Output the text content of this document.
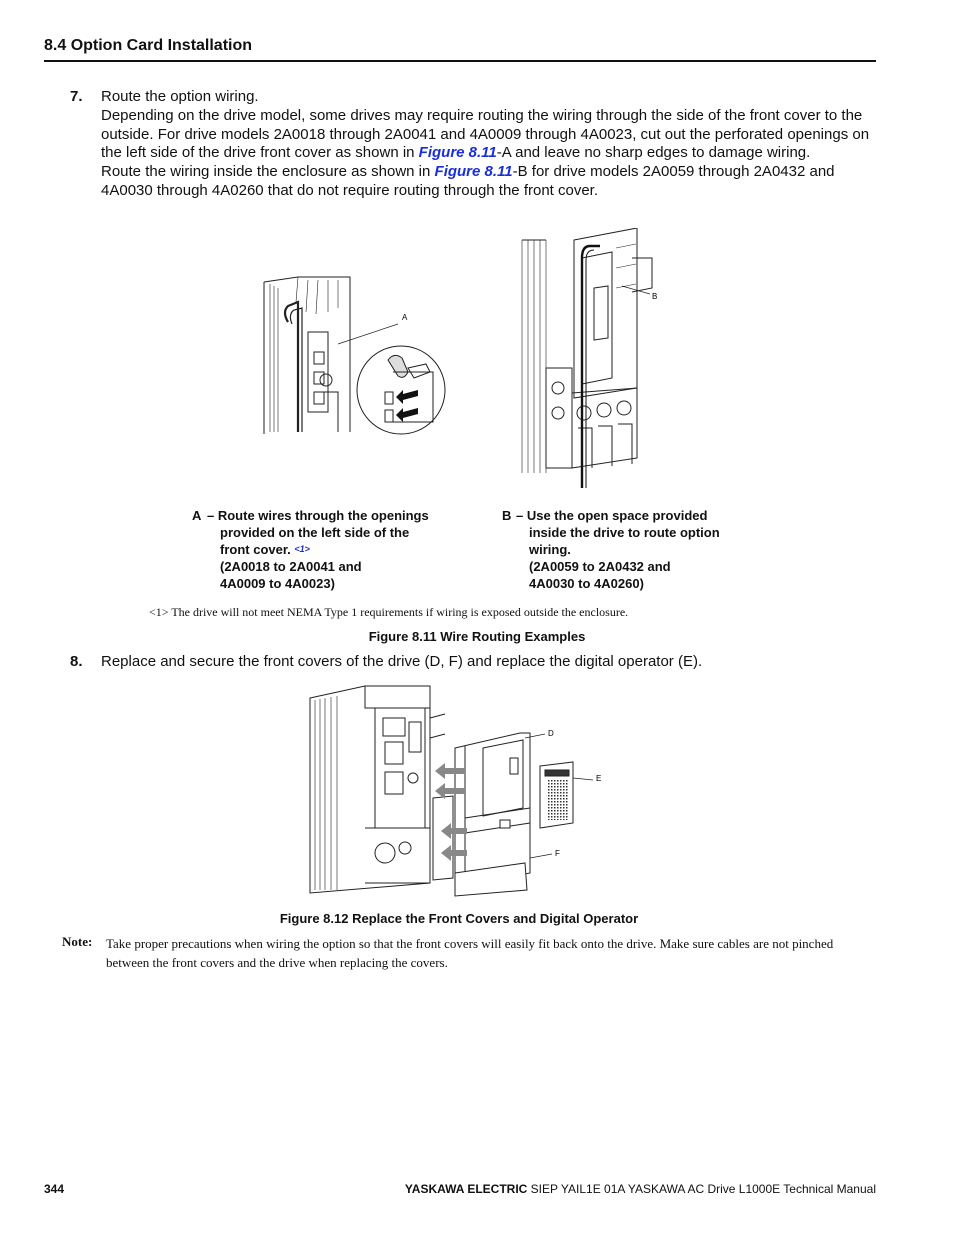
8.4 Option Card Installation
7. Route the option wiring.
Depending on the drive model, some drives may require routing the wiring through the side of the front cover to the outside. For drive models 2A0018 through 2A0041 and 4A0009 through 4A0023, cut out the perforated openings on the left side of the drive front cover as shown in Figure 8.11-A and leave no sharp edges to damage wiring.
Route the wiring inside the enclosure as shown in Figure 8.11-B for drive models 2A0059 through 2A0432 and 4A0030 through 4A0260 that do not require routing through the front cover.
A
B
A – Route wires through the openings
provided on the left side of the
front cover. <1>
(2A0018 to 2A0041 and
4A0009 to 4A0023)
B – Use the open space provided
inside the drive to route option
wiring.
(2A0059 to 2A0432 and
4A0030 to 4A0260)
<1> The drive will not meet NEMA Type 1 requirements if wiring is exposed outside the enclosure.
Figure 8.11 Wire Routing Examples
8. Replace and secure the front covers of the drive (D, F) and replace the digital operator (E).
D
E
F
Figure 8.12 Replace the Front Covers and Digital Operator
Note: Take proper precautions when wiring the option so that the front covers will easily fit back onto the drive. Make sure cables are not pinched between the front covers and the drive when replacing the covers.
344	YASKAWA ELECTRIC SIEP YAIL1E 01A YASKAWA AC Drive L1000E Technical Manual
